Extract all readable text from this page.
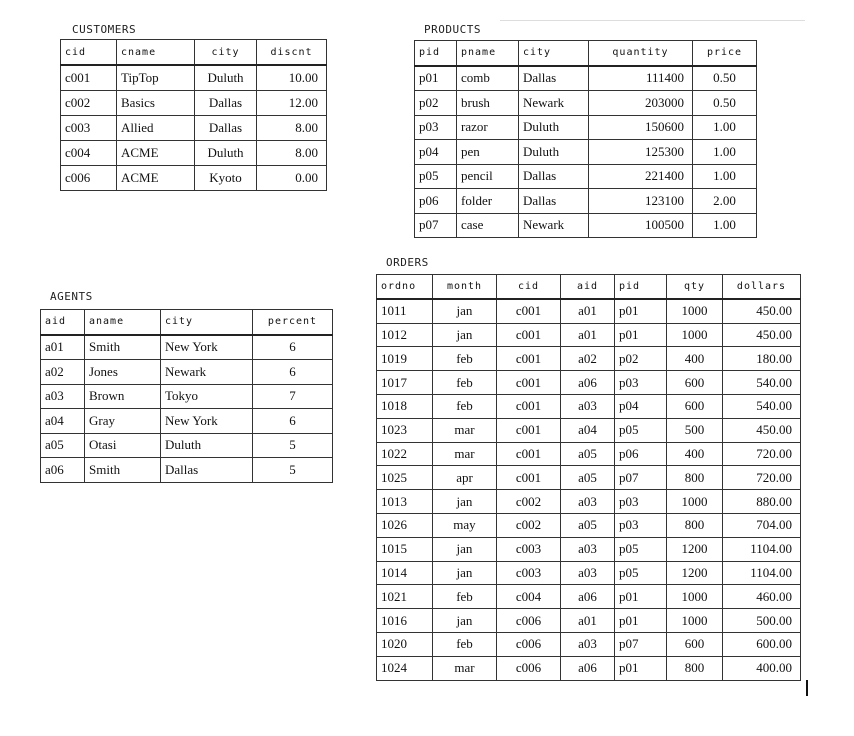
CUSTOMERS
cid	cname	city	discnt
c001	TipTop	Duluth	10.00
c002	Basics	Dallas	12.00
c003	Allied	Dallas	8.00
c004	ACME	Duluth	8.00
c006	ACME	Kyoto	0.00
PRODUCTS
pid	pname	city	quantity	price
p01	comb	Dallas	111400	0.50
p02	brush	Newark	203000	0.50
p03	razor	Duluth	150600	1.00
p04	pen	Duluth	125300	1.00
p05	pencil	Dallas	221400	1.00
p06	folder	Dallas	123100	2.00
p07	case	Newark	100500	1.00
AGENTS
aid	aname	city	percent
a01	Smith	New York	6
a02	Jones	Newark	6
a03	Brown	Tokyo	7
a04	Gray	New York	6
a05	Otasi	Duluth	5
a06	Smith	Dallas	5
ORDERS
ordno	month	cid	aid	pid	qty	dollars
1011	jan	c001	a01	p01	1000	450.00
1012	jan	c001	a01	p01	1000	450.00
1019	feb	c001	a02	p02	400	180.00
1017	feb	c001	a06	p03	600	540.00
1018	feb	c001	a03	p04	600	540.00
1023	mar	c001	a04	p05	500	450.00
1022	mar	c001	a05	p06	400	720.00
1025	apr	c001	a05	p07	800	720.00
1013	jan	c002	a03	p03	1000	880.00
1026	may	c002	a05	p03	800	704.00
1015	jan	c003	a03	p05	1200	1104.00
1014	jan	c003	a03	p05	1200	1104.00
1021	feb	c004	a06	p01	1000	460.00
1016	jan	c006	a01	p01	1000	500.00
1020	feb	c006	a03	p07	600	600.00
1024	mar	c006	a06	p01	800	400.00
